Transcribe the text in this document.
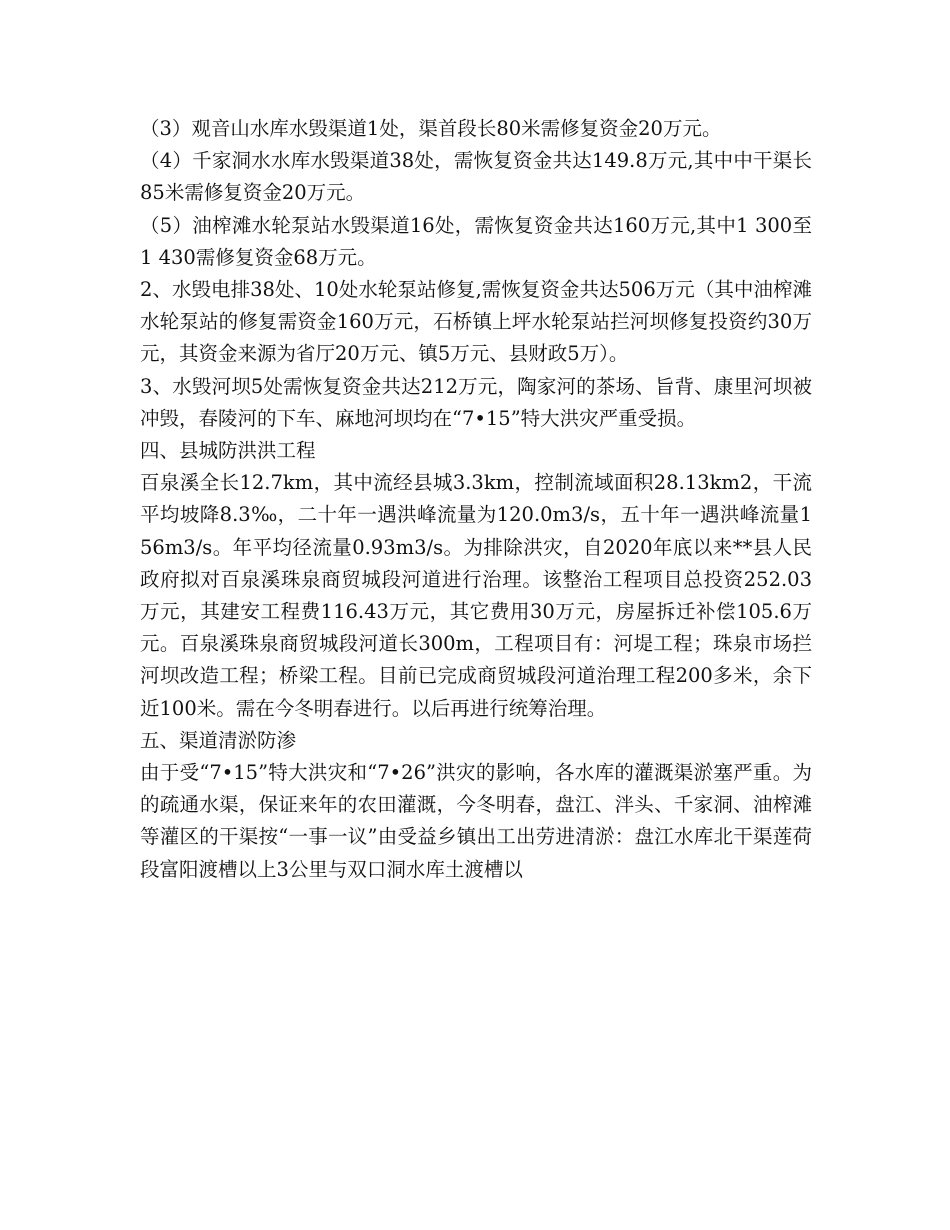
（3）观音山水库水毁渠道1处，渠首段长80米需修复资金20万元。

（4）千家洞水水库水毁渠道38处，需恢复资金共达149.8万元,其中中干渠长85米需修复资金20万元。

（5）油榨滩水轮泵站水毁渠道16处，需恢复资金共达160万元,其中1 300至1 430需修复资金68万元。

2、水毁电排38处、10处水轮泵站修复,需恢复资金共达506万元（其中油榨滩水轮泵站的修复需资金160万元，石桥镇上坪水轮泵站拦河坝修复投资约30万元，其资金来源为省厅20万元、镇5万元、县财政5万）。

3、水毁河坝5处需恢复资金共达212万元，陶家河的茶场、旨背、康里河坝被冲毁，春陵河的下车、麻地河坝均在“7•15”特大洪灾严重受损。

四、县城防洪洪工程

百泉溪全长12.7km，其中流经县城3.3km，控制流域面积28.13km2，干流平均坡降8.3‰，二十年一遇洪峰流量为120.0m3/s，五十年一遇洪峰流量156m3/s。年平均径流量0.93m3/s。为排除洪灾，自2020年底以来**县人民政府拟对百泉溪珠泉商贸城段河道进行治理。该整治工程项目总投资252.03万元，其建安工程费116.43万元，其它费用30万元，房屋拆迁补偿105.6万元。百泉溪珠泉商贸城段河道长300m，工程项目有：河堤工程；珠泉市场拦河坝改造工程；桥梁工程。目前已完成商贸城段河道治理工程200多米，余下近100米。需在今冬明春进行。以后再进行统筹治理。

五、渠道清淤防渗

由于受“7•15”特大洪灾和“7•26”洪灾的影响，各水库的灌溉渠淤塞严重。为的疏通水渠，保证来年的农田灌溉，今冬明春，盘江、泮头、千家洞、油榨滩等灌区的干渠按“一事一议”由受益乡镇出工出劳进清淤：盘江水库北干渠莲荷段富阳渡槽以上3公里与双口洞水库土渡槽以
